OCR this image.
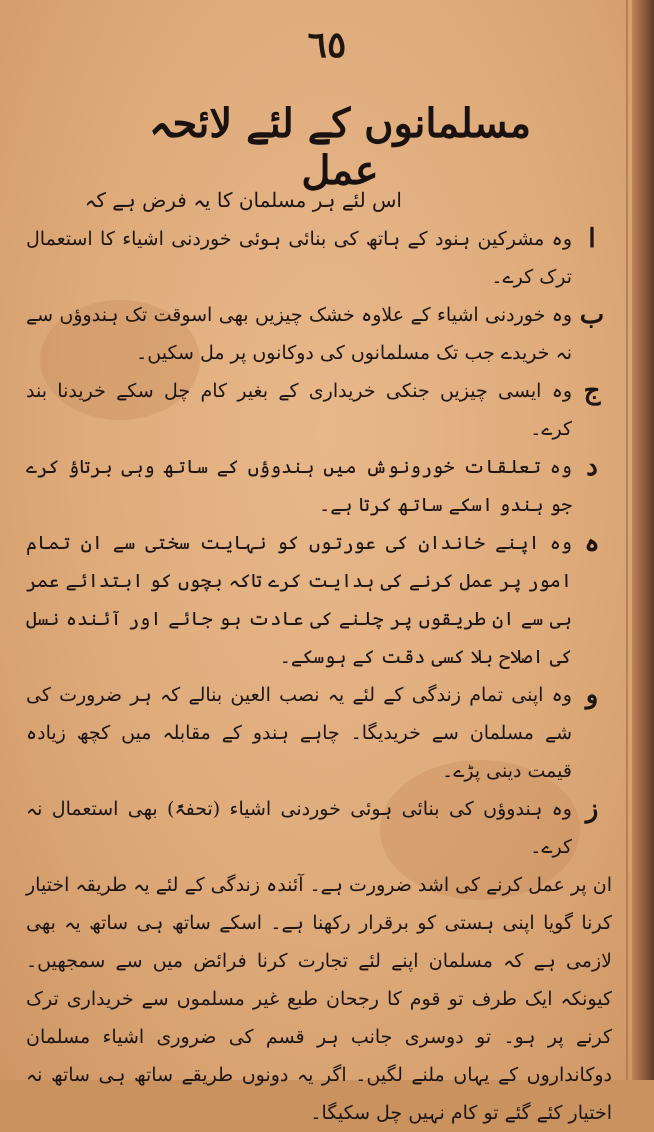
٦٥
مسلمانوں کے لئے لائحہ عمل
اس لئے ہر مسلمان کا یہ فرض ہے کہ
ا
وہ مشرکین ہنود کے ہاتھ کی بنائی ہوئی خوردنی اشیاء کا استعمال ترک کرے۔
ب
وہ خوردنی اشیاء کے علاوہ خشک چیزیں بھی اسوقت تک ہندوؤں سے نہ خریدے جب تک مسلمانوں کی دوکانوں پر مل سکیں۔
ج
وہ ایسی چیزیں جنکی خریداری کے بغیر کام چل سکے خریدنا بند کرے۔
د
وہ تعلقات خورونوش میں ہندوؤں کے ساتھ وہی برتاؤ کرے جو ہندو اسکے ساتھ کرتا ہے۔
ہ
وہ اپنے خاندان کی عورتوں کو نہایت سختی سے ان تمام امور پر عمل کرنے کی ہدایت کرے تاکہ بچوں کو ابتدائے عمر ہی سے ان طریقوں پر چلنے کی عادت ہو جائے اور آئندہ نسل کی اصلاح بلا کسی دقت کے ہوسکے۔
و
وہ اپنی تمام زندگی کے لئے یہ نصب العین بنالے کہ ہر ضرورت کی شے مسلمان سے خریدیگا۔ چاہے ہندو کے مقابلہ میں کچھ زیادہ قیمت دینی پڑے۔
ز
وہ ہندوؤں کی بنائی ہوئی خوردنی اشیاء (تحفۃً) بھی استعمال نہ کرے۔
ان پر عمل کرنے کی اشد ضرورت ہے۔ آئندہ زندگی کے لئے یہ طریقہ اختیار کرنا گویا اپنی ہستی کو برقرار رکھنا ہے۔ اسکے ساتھ ہی ساتھ یہ بھی لازمی ہے کہ مسلمان اپنے لئے تجارت کرنا فرائض میں سے سمجھیں۔ کیونکہ ایک طرف تو قوم کا رجحان طبع غیر مسلموں سے خریداری ترک کرنے پر ہو۔ تو دوسری جانب ہر قسم کی ضروری اشیاء مسلمان دوکانداروں کے یہاں ملنے لگیں۔ اگر یہ دونوں طریقے ساتھ ہی ساتھ نہ اختیار کئے گئے تو کام نہیں چل سکیگا۔
